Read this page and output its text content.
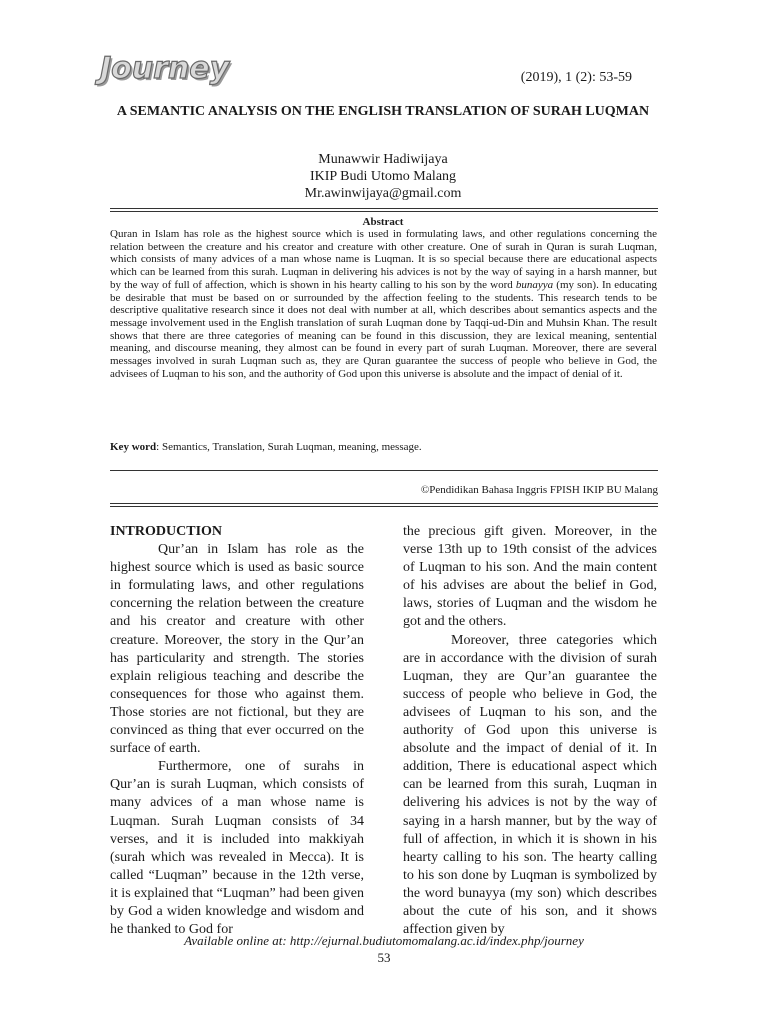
Journey	(2019), 1 (2): 53-59
A SEMANTIC ANALYSIS ON THE ENGLISH TRANSLATION OF SURAH LUQMAN
Munawwir Hadiwijaya
IKIP Budi Utomo Malang
Mr.awinwijaya@gmail.com
Abstract
Quran in Islam has role as the highest source which is used in formulating laws, and other regulations concerning the relation between the creature and his creator and creature with other creature. One of surah in Quran is surah Luqman, which consists of many advices of a man whose name is Luqman. It is so special because there are educational aspects which can be learned from this surah. Luqman in delivering his advices is not by the way of saying in a harsh manner, but by the way of full of affection, which is shown in his hearty calling to his son by the word bunayya (my son). In educating be desirable that must be based on or surrounded by the affection feeling to the students. This research tends to be descriptive qualitative research since it does not deal with number at all, which describes about semantics aspects and the message involvement used in the English translation of surah Luqman done by Taqqi-ud-Din and Muhsin Khan. The result shows that there are three categories of meaning can be found in this discussion, they are lexical meaning, sentential meaning, and discourse meaning, they almost can be found in every part of surah Luqman. Moreover, there are several messages involved in surah Luqman such as, they are Quran guarantee the success of people who believe in God, the advisees of Luqman to his son, and the authority of God upon this universe is absolute and the impact of denial of it.
Key word: Semantics, Translation, Surah Luqman, meaning, message.
©Pendidikan Bahasa Inggris FPISH IKIP BU Malang
INTRODUCTION

Qur’an in Islam has role as the highest source which is used as basic source in formulating laws, and other regulations concerning the relation between the creature and his creator and creature with other creature. Moreover, the story in the Qur’an has particularity and strength. The stories explain religious teaching and describe the consequences for those who against them. Those stories are not fictional, but they are convinced as thing that ever occurred on the surface of earth.

Furthermore, one of surahs in Qur’an is surah Luqman, which consists of many advices of a man whose name is Luqman. Surah Luqman consists of 34 verses, and it is included into makkiyah (surah which was revealed in Mecca). It is called “Luqman” because in the 12th verse, it is explained that “Luqman” had been given by God a widen knowledge and wisdom and he thanked to God for

the precious gift given. Moreover, in the verse 13th up to 19th consist of the advices of Luqman to his son. And the main content of his advises are about the belief in God, laws, stories of Luqman and the wisdom he got and the others.

Moreover, three categories which are in accordance with the division of surah Luqman, they are Qur’an guarantee the success of people who believe in God, the advisees of Luqman to his son, and the authority of God upon this universe is absolute and the impact of denial of it. In addition, There is educational aspect which can be learned from this surah, Luqman in delivering his advices is not by the way of saying in a harsh manner, but by the way of full of affection, in which it is shown in his hearty calling to his son. The hearty calling to his son done by Luqman is symbolized by the word bunayya (my son) which describes about the cute of his son, and it shows affection given by

Available online at: http://ejurnal.budiutomomalang.ac.id/index.php/journey
53
